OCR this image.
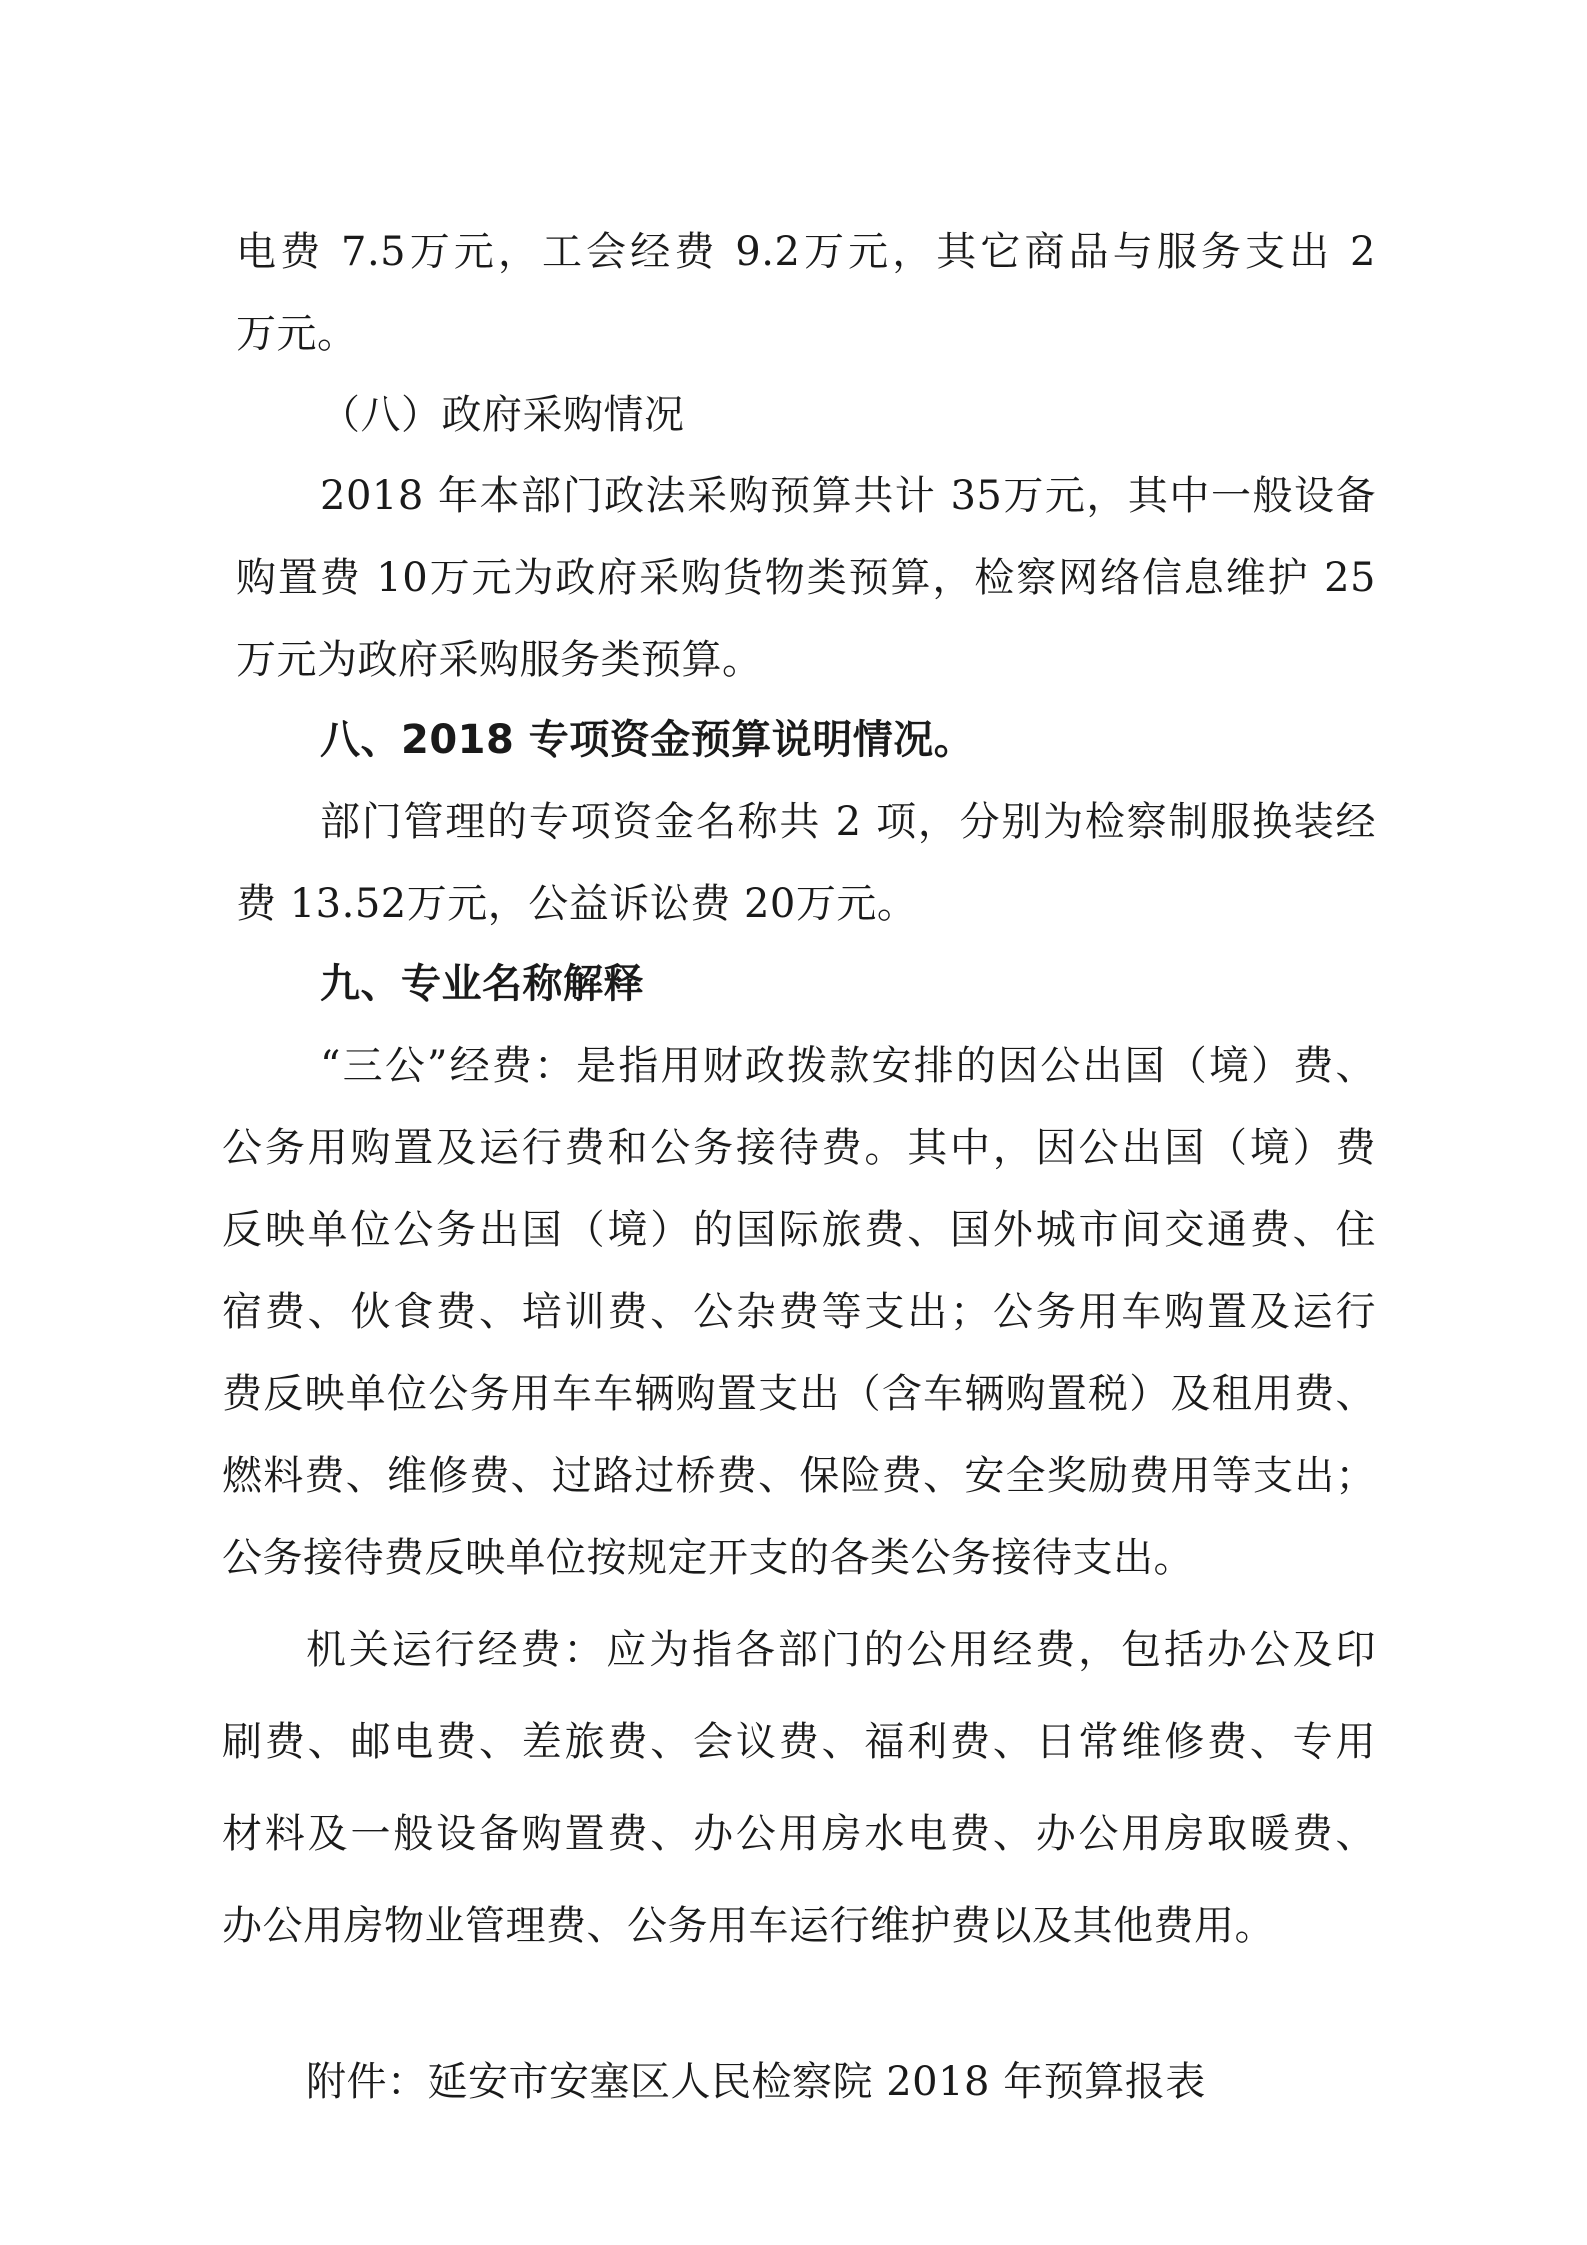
电费 7.5万元，工会经费 9.2万元，其它商品与服务支出 2
万元。
（八）政府采购情况
2018 年本部门政法采购预算共计 35万元，其中一般设备
购置费 10万元为政府采购货物类预算，检察网络信息维护 25
万元为政府采购服务类预算。
八、2018 专项资金预算说明情况。
部门管理的专项资金名称共 2 项，分别为检察制服换装经
费 13.52万元，公益诉讼费 20万元。
九、专业名称解释
“三公”经费：是指用财政拨款安排的因公出国（境）费、
公务用购置及运行费和公务接待费。其中，因公出国（境）费
反映单位公务出国（境）的国际旅费、国外城市间交通费、住
宿费、伙食费、培训费、公杂费等支出；公务用车购置及运行
费反映单位公务用车车辆购置支出（含车辆购置税）及租用费、
燃料费、维修费、过路过桥费、保险费、安全奖励费用等支出；
公务接待费反映单位按规定开支的各类公务接待支出。
机关运行经费：应为指各部门的公用经费，包括办公及印
刷费、邮电费、差旅费、会议费、福利费、日常维修费、专用
材料及一般设备购置费、办公用房水电费、办公用房取暖费、
办公用房物业管理费、公务用车运行维护费以及其他费用。
附件：延安市安塞区人民检察院 2018 年预算报表
